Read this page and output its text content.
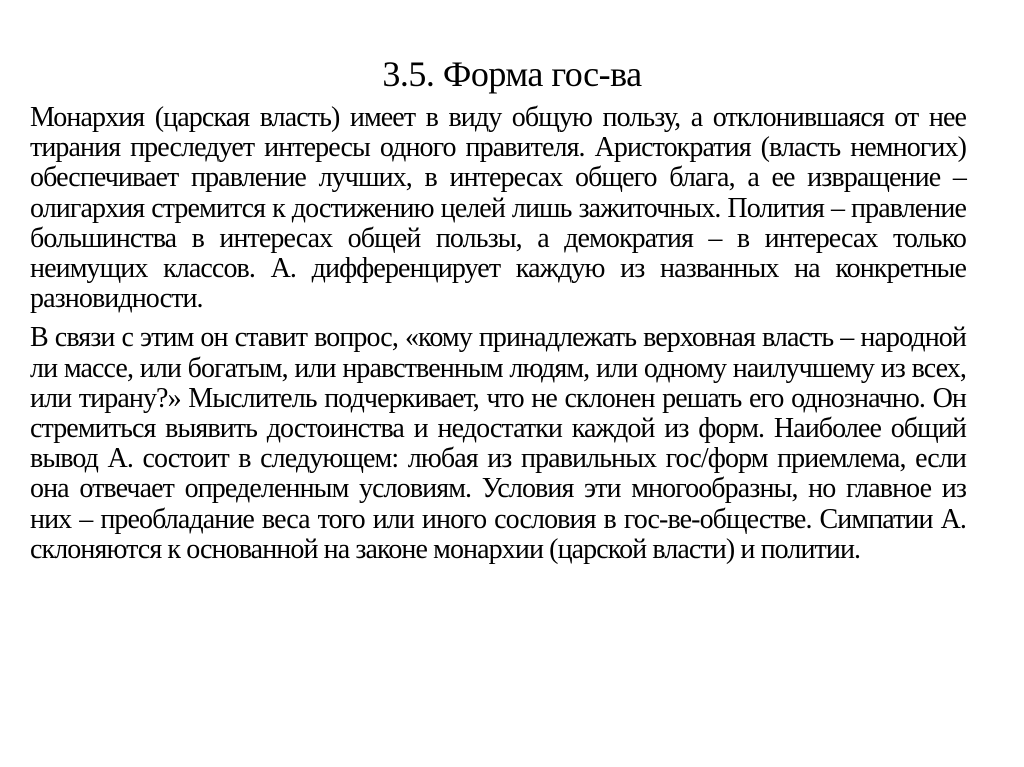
3.5. Форма гос-ва

Монархия (царская власть) имеет в виду общую пользу, а отклонившаяся от нее тирания преследует интересы одного правителя. Аристократия (власть немногих) обеспечивает правление лучших, в интересах общего блага, а ее извращение – олигархия стремится к достижению целей лишь зажиточных. Полития – правление большинства в интересах общей пользы, а демократия – в интересах только неимущих классов. А. дифференцирует каждую из названных на конкретные разновидности.

В связи с этим он ставит вопрос, «кому принадлежать верховная власть – народной ли массе, или богатым, или нравственным людям, или одному наилучшему из всех, или тирану?» Мыслитель подчеркивает, что не склонен решать его однозначно. Он стремиться выявить достоинства и недостатки каждой из форм. Наиболее общий вывод А. состоит в следующем: любая из правильных гос/форм приемлема, если она отвечает определенным условиям. Условия эти многообразны, но главное из них – преобладание веса того или иного сословия в гос-ве-обществе. Симпатии А. склоняются к основанной на законе монархии (царской власти) и политии.
